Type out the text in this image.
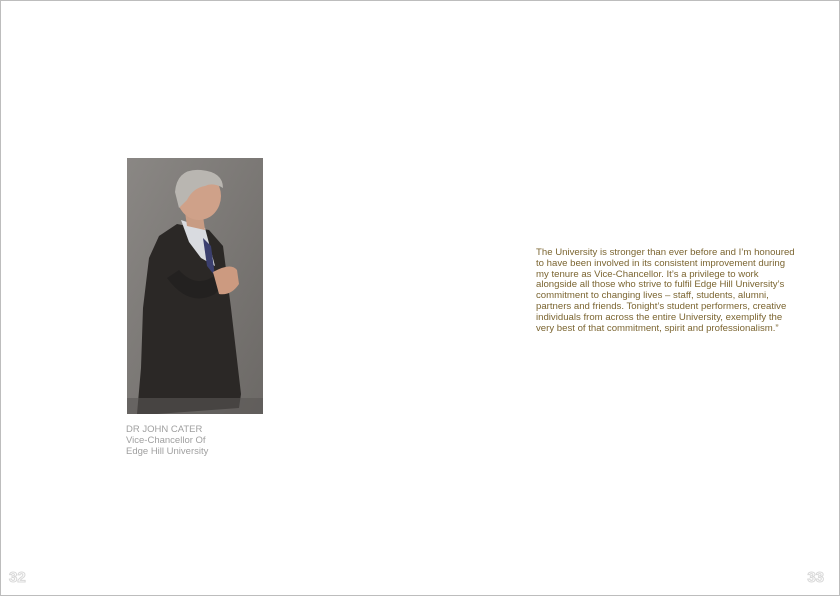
DR JOHN CATER
Vice-Chancellor Of
Edge Hill University
The University is stronger than ever before and I’m honoured
to have been involved in its consistent improvement during
my tenure as Vice-Chancellor. It’s a privilege to work
alongside all those who strive to fulfil Edge Hill University’s
commitment to changing lives – staff, students, alumni,
partners and friends. Tonight’s student performers, creative
individuals from across the entire University, exemplify the
very best of that commitment, spirit and professionalism.”
32	33
